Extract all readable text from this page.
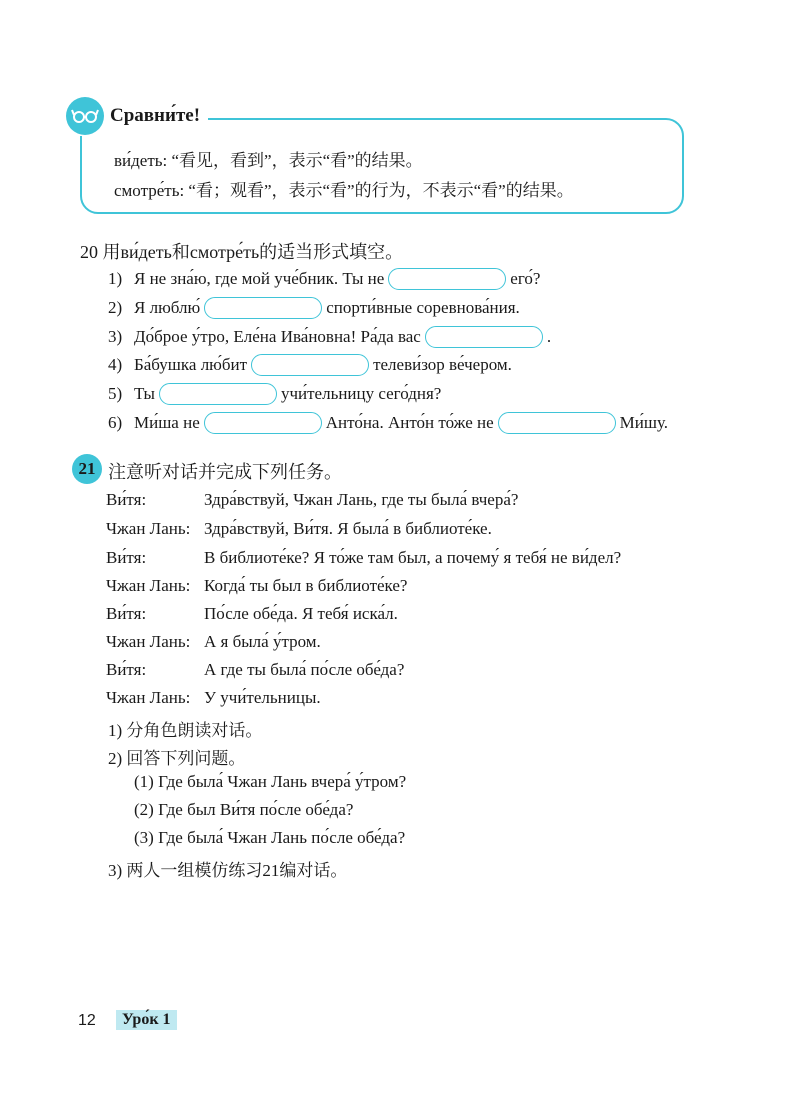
Сравни́те!
ви́деть: “看见，看到”，表示“看”的结果。
смотре́ть: “看；观看”，表示“看”的行为，不表示“看”的结果。
20 用ви́деть和смотре́ть的适当形式填空。
1) Я не зна́ю, где мой уче́бник. Ты не	его́?
2) Я люблю́	спорти́вные соревнова́ния.
3) До́брое у́тро, Еле́на Ива́новна! Ра́да вас	.
4) Ба́бушка лю́бит	телеви́зор ве́чером.
5) Ты	учи́тельницу сего́дня?
6) Ми́ша не	Анто́на. Анто́н то́же не	Ми́шу.
21 注意听对话并完成下列任务。
Ви́тя:	Здра́вствуй, Чжан Лань, где ты была́ вчера́?
Чжан Лань: Здра́вствуй, Ви́тя. Я была́ в библиоте́ке.
Ви́тя:	В библиоте́ке? Я то́же там был, а почему́ я тебя́ не ви́дел?
Чжан Лань: Когда́ ты был в библиоте́ке?
Ви́тя:	По́сле обе́да. Я тебя́ иска́л.
Чжан Лань: А я была́ у́тром.
Ви́тя:	А где ты была́ по́сле обе́да?
Чжан Лань: У учи́тельницы.
1) 分角色朗读对话。
2) 回答下列问题。
(1) Где была́ Чжан Лань вчера́ у́тром?
(2) Где был Ви́тя по́сле обе́да?
(3) Где была́ Чжан Лань по́сле обе́да?
3) 两人一组模仿练习21编对话。
12	Уро́к 1
